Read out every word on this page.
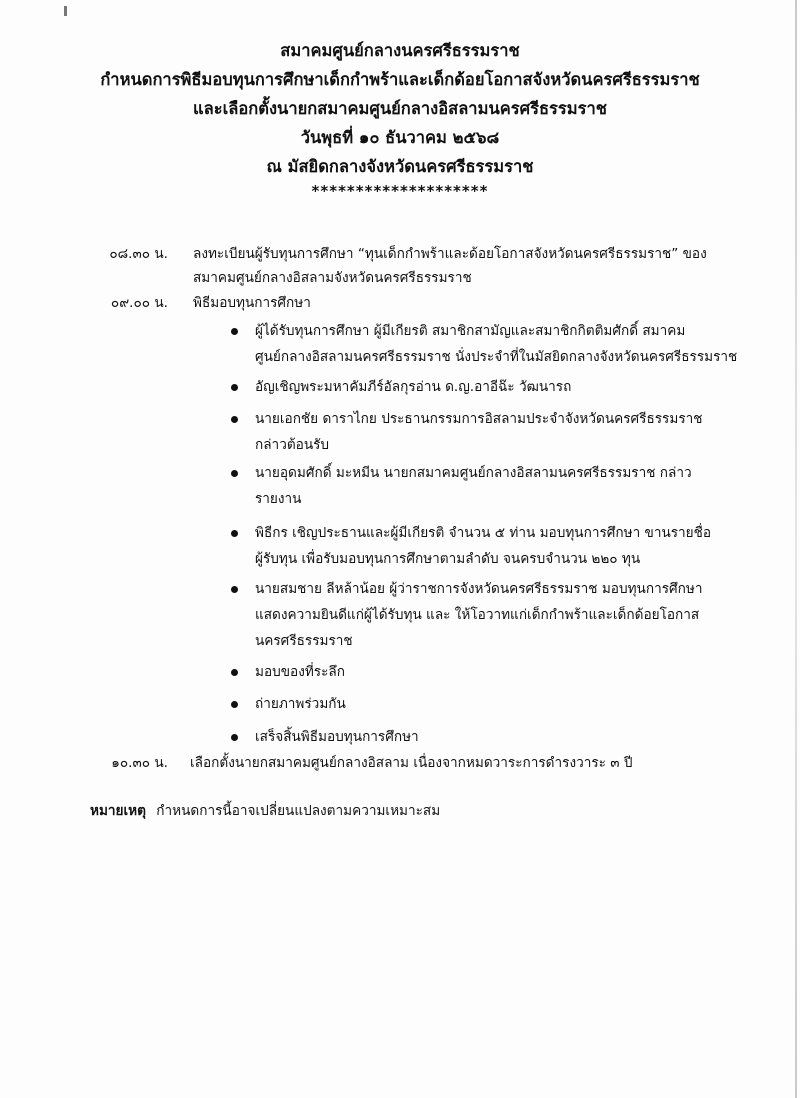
สมาคมศูนย์กลางนครศรีธรรมราช
กำหนดการพิธีมอบทุนการศึกษาเด็กกำพร้าและเด็กด้อยโอกาสจังหวัดนครศรีธรรมราช
และเลือกตั้งนายกสมาคมศูนย์กลางอิสลามนครศรีธรรมราช
วันพุธที่ ๑๐ ธันวาคม ๒๕๖๘
ณ มัสยิดกลางจังหวัดนครศรีธรรมราช
********************
๐๘.๓๐ น. ลงทะเบียนผู้รับทุนการศึกษา “ทุนเด็กกำพร้าและด้อยโอกาสจังหวัดนครศรีธรรมราช” ของ
สมาคมศูนย์กลางอิสลามจังหวัดนครศรีธรรมราช
๐๙.๐๐ น. พิธีมอบทุนการศึกษา
ผู้ได้รับทุนการศึกษา ผู้มีเกียรติ สมาชิกสามัญและสมาชิกกิตติมศักดิ์ สมาคม
ศูนย์กลางอิสลามนครศรีธรรมราช นั่งประจำที่ในมัสยิดกลางจังหวัดนครศรีธรรมราช
อัญเชิญพระมหาคัมภีร์อัลกุรอ่าน ด.ญ.อาอีฉ๊ะ วัฒนารถ
นายเอกชัย ดาราไกย ประธานกรรมการอิสลามประจำจังหวัดนครศรีธรรมราช
กล่าวต้อนรับ
นายอุดมศักดิ์ มะหมีน นายกสมาคมศูนย์กลางอิสลามนครศรีธรรมราช กล่าว
รายงาน
พิธีกร เชิญประธานและผู้มีเกียรติ จำนวน ๕ ท่าน มอบทุนการศึกษา ขานรายชื่อ
ผู้รับทุน เพื่อรับมอบทุนการศึกษาตามลำดับ จนครบจำนวน ๒๒๐ ทุน
นายสมชาย ลีหล้าน้อย ผู้ว่าราชการจังหวัดนครศรีธรรมราช มอบทุนการศึกษา
แสดงความยินดีแก่ผู้ได้รับทุน และ ให้โอวาทแก่เด็กกำพร้าและเด็กด้อยโอกาส
นครศรีธรรมราช
มอบของที่ระลึก
ถ่ายภาพร่วมกัน
เสร็จสิ้นพิธีมอบทุนการศึกษา
๑๐.๓๐ น. เลือกตั้งนายกสมาคมศูนย์กลางอิสลาม เนื่องจากหมดวาระการดำรงวาระ ๓ ปี
หมายเหตุ กำหนดการนี้อาจเปลี่ยนแปลงตามความเหมาะสม
